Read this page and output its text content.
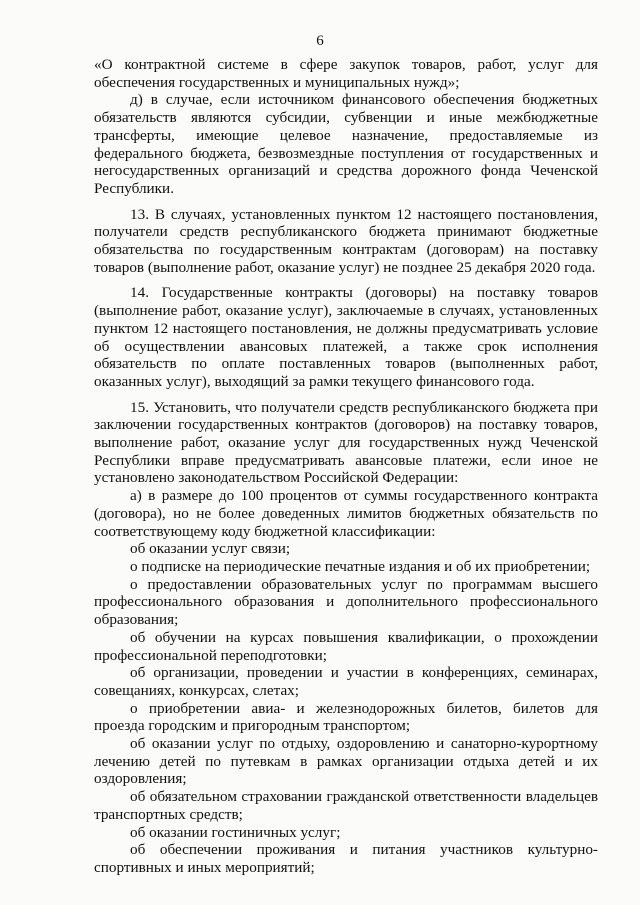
6

«О контрактной системе в сфере закупок товаров, работ, услуг для обеспечения государственных и муниципальных нужд»;

д) в случае, если источником финансового обеспечения бюджетных обязательств являются субсидии, субвенции и иные межбюджетные трансферты, имеющие целевое назначение, предоставляемые из федерального бюджета, безвозмездные поступления от государственных и негосударственных организаций и средства дорожного фонда Чеченской Республики.

13. В случаях, установленных пунктом 12 настоящего постановления, получатели средств республиканского бюджета принимают бюджетные обязательства по государственным контрактам (договорам) на поставку товаров (выполнение работ, оказание услуг) не позднее 25 декабря 2020 года.

14. Государственные контракты (договоры) на поставку товаров (выполнение работ, оказание услуг), заключаемые в случаях, установленных пунктом 12 настоящего постановления, не должны предусматривать условие об осуществлении авансовых платежей, а также срок исполнения обязательств по оплате поставленных товаров (выполненных работ, оказанных услуг), выходящий за рамки текущего финансового года.

15. Установить, что получатели средств республиканского бюджета при заключении государственных контрактов (договоров) на поставку товаров, выполнение работ, оказание услуг для государственных нужд Чеченской Республики вправе предусматривать авансовые платежи, если иное не установлено законодательством Российской Федерации:

а) в размере до 100 процентов от суммы государственного контракта (договора), но не более доведенных лимитов бюджетных обязательств по соответствующему коду бюджетной классификации:

об оказании услуг связи;

о подписке на периодические печатные издания и об их приобретении;

о предоставлении образовательных услуг по программам высшего профессионального образования и дополнительного профессионального образования;

об обучении на курсах повышения квалификации, о прохождении профессиональной переподготовки;

об организации, проведении и участии в конференциях, семинарах, совещаниях, конкурсах, слетах;

о приобретении авиа- и железнодорожных билетов, билетов для проезда городским и пригородным транспортом;

об оказании услуг по отдыху, оздоровлению и санаторно-курортному лечению детей по путевкам в рамках организации отдыха детей и их оздоровления;

об обязательном страховании гражданской ответственности владельцев транспортных средств;

об оказании гостиничных услуг;

об обеспечении проживания и питания участников культурно-спортивных и иных мероприятий;
